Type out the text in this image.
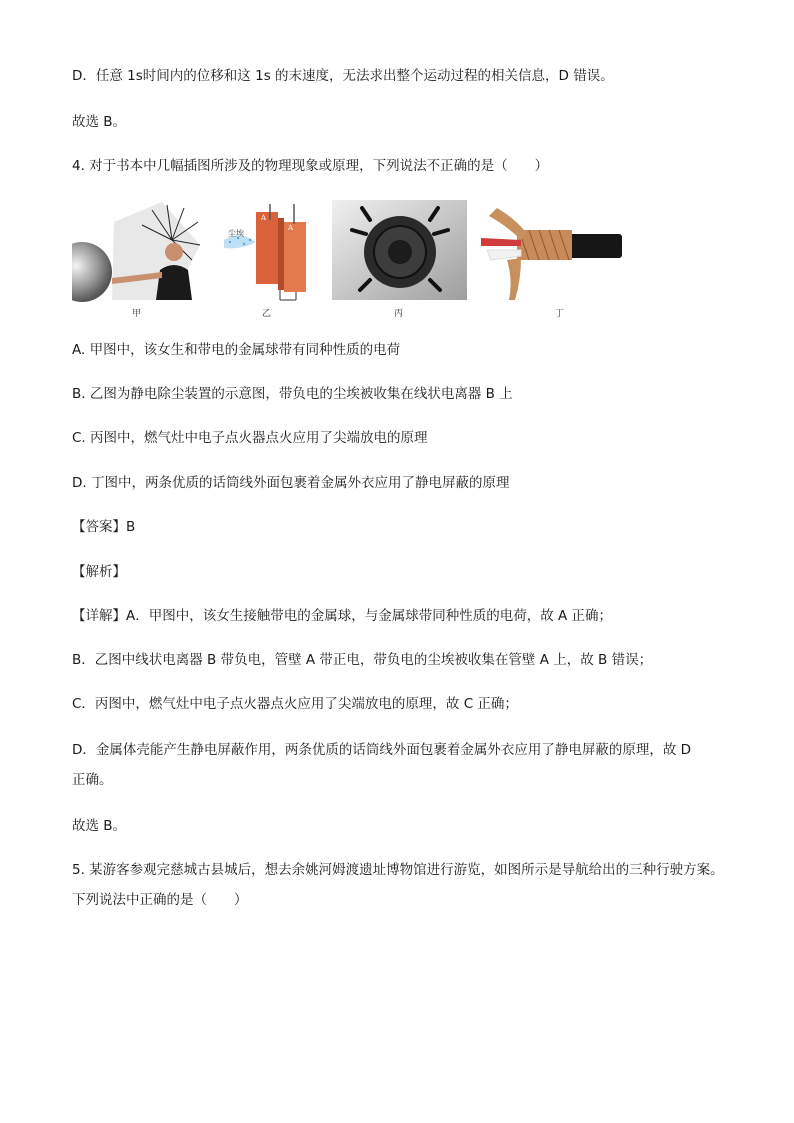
D．任意 1s时间内的位移和这 1s 的末速度，无法求出整个运动过程的相关信息，D 错误。
故选 B。
4. 对于书本中几幅插图所涉及的物理现象或原理，下列说法不正确的是（　　）
甲
尘埃
A
A
乙	丙	丁
A. 甲图中，该女生和带电的金属球带有同种性质的电荷
B. 乙图为静电除尘装置的示意图，带负电的尘埃被收集在线状电离器 B 上
C. 丙图中，燃气灶中电子点火器点火应用了尖端放电的原理
D. 丁图中，两条优质的话筒线外面包裹着金属外衣应用了静电屏蔽的原理
【答案】B
【解析】
【详解】A．甲图中，该女生接触带电的金属球，与金属球带同种性质的电荷，故 A 正确；
B．乙图中线状电离器 B 带负电，管壁 A 带正电，带负电的尘埃被收集在管壁 A 上，故 B 错误；
C．丙图中，燃气灶中电子点火器点火应用了尖端放电的原理，故 C 正确；
D．金属体壳能产生静电屏蔽作用，两条优质的话筒线外面包裹着金属外衣应用了静电屏蔽的原理，故 D
正确。
故选 B。
5. 某游客参观完慈城古县城后，想去余姚河姆渡遗址博物馆进行游览，如图所示是导航给出的三种行驶方案。下列说法中正确的是（　　）
